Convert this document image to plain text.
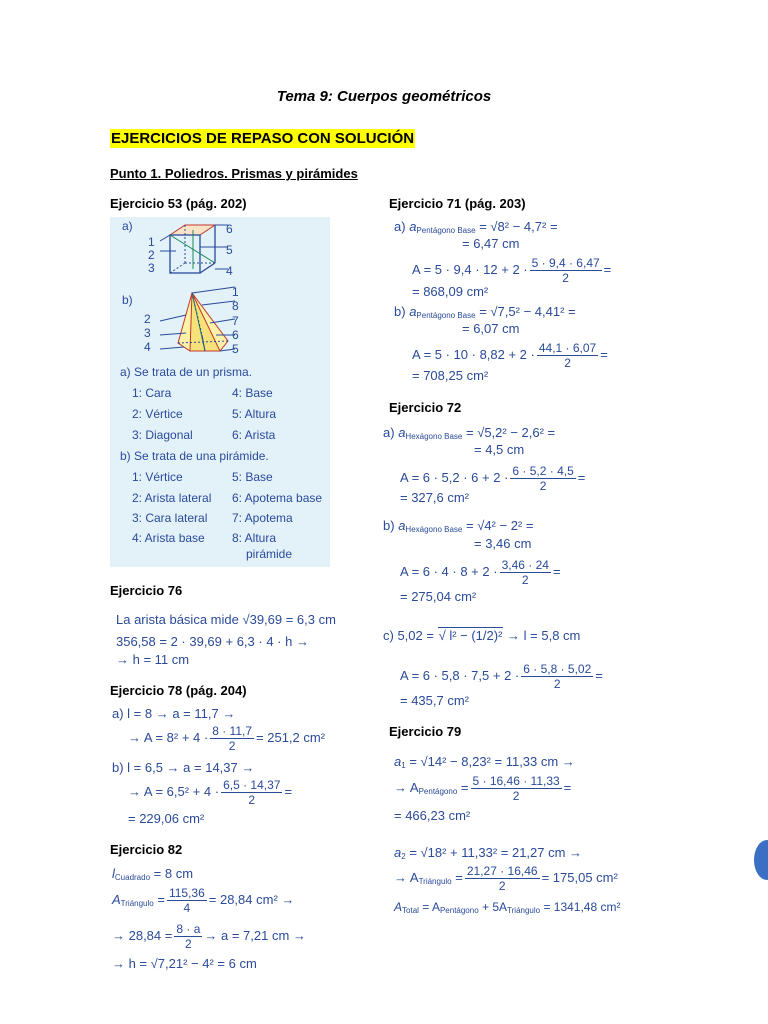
Tema 9: Cuerpos geométricos
EJERCICIOS DE REPASO CON SOLUCIÓN
Punto 1. Poliedros. Prismas y pirámides
Ejercicio 53 (pág. 202)
a)
1
2
3
6
5
4
b)
1
8
2	7
3	6
4	5
a) Se trata de un prisma.
1: Cara	4: Base
2: Vértice	5: Altura
3: Diagonal	6: Arista
b) Se trata de una pirámide.
1: Vértice	5: Base
2: Arista lateral 6: Apotema base
3: Cara lateral 7: Apotema
4: Arista base 8: Altura
pirámide
Ejercicio 76
La arista básica mide √39,69 = 6,3 cm
356,58 = 2 · 39,69 + 6,3 · 4 · h →
→ h = 11 cm
Ejercicio 78 (pág. 204)
a) l = 8 → a = 11,7 →
→ $A = 8^2 + 4 \cdot \frac{8 \cdot 11,7}{2} = 251,2$ cm²
b) l = 6,5 → a = 14,37 →
→ $A = 6,5^2 + 4 \cdot \frac{6,5 \cdot 14,37}{2}$ =
= 229,06 cm²
Ejercicio 82
$l_{Cuadrado} = 8$ cm
$A_{Triángulo} = \frac{115,36}{4} = 28,84$ cm² →
→ $28,84 = \frac{8 \cdot a}{2} \to a = 7,21$ cm →
→ h = √7,21² − 4² = 6 cm
Ejercicio 71 (pág. 203)
a) $a_{Pentágono Base} = √8^2 - 4,7^2$ =
= 6,47 cm
$A = 5 \cdot 9,4 \cdot 12 + 2 \cdot \frac{5 \cdot 9,4 \cdot 6,47}{2}$ =
= 868,09 cm²
b) $a_{Pentágono Base} = √7,5^2 - 4,41^2$ =
= 6,07 cm
$A = 5 \cdot 10 \cdot 8,82 + 2 \cdot \frac{44,1 \cdot 6,07}{2}$ =
= 708,25 cm²
Ejercicio 72
a) $a_{Hexágono Base} = √5,2^2 - 2,6^2$ =
= 4,5 cm
$A = 6 \cdot 5,2 \cdot 6 + 2 \cdot \frac{6 \cdot 5,2 \cdot 4,5}{2}$ =
= 327,6 cm²
b) $a_{Hexágono Base} = √4^2 - 2^2$ =
= 3,46 cm
$A = 6 \cdot 4 \cdot 8 + 2 \cdot \frac{3,46 \cdot 24}{2}$ =
= 275,04 cm²
c) 5,02 = √ l² − (1/2)² → l = 5,8 cm
$A = 6 \cdot 5,8 \cdot 7,5 + 2 \cdot \frac{6 \cdot 5,8 \cdot 5,02}{2}$ =
= 435,7 cm²
Ejercicio 79
$a_1 = √14^2 - 8,23^2 = 11,33$ cm →
→ $A_{Pentágono} = \frac{5 \cdot 16,46 \cdot 11,33}{2}$ =
= 466,23 cm²
$a_2 = √18^2 + 11,33^2 = 21,27$ cm →
→ $A_{Triángulo} = \frac{21,27 \cdot 16,46}{2} = 175,05$ cm²
$A_{Total} = A_{Pentágono} + 5A_{Triángulo} = 1341,48$ cm²
